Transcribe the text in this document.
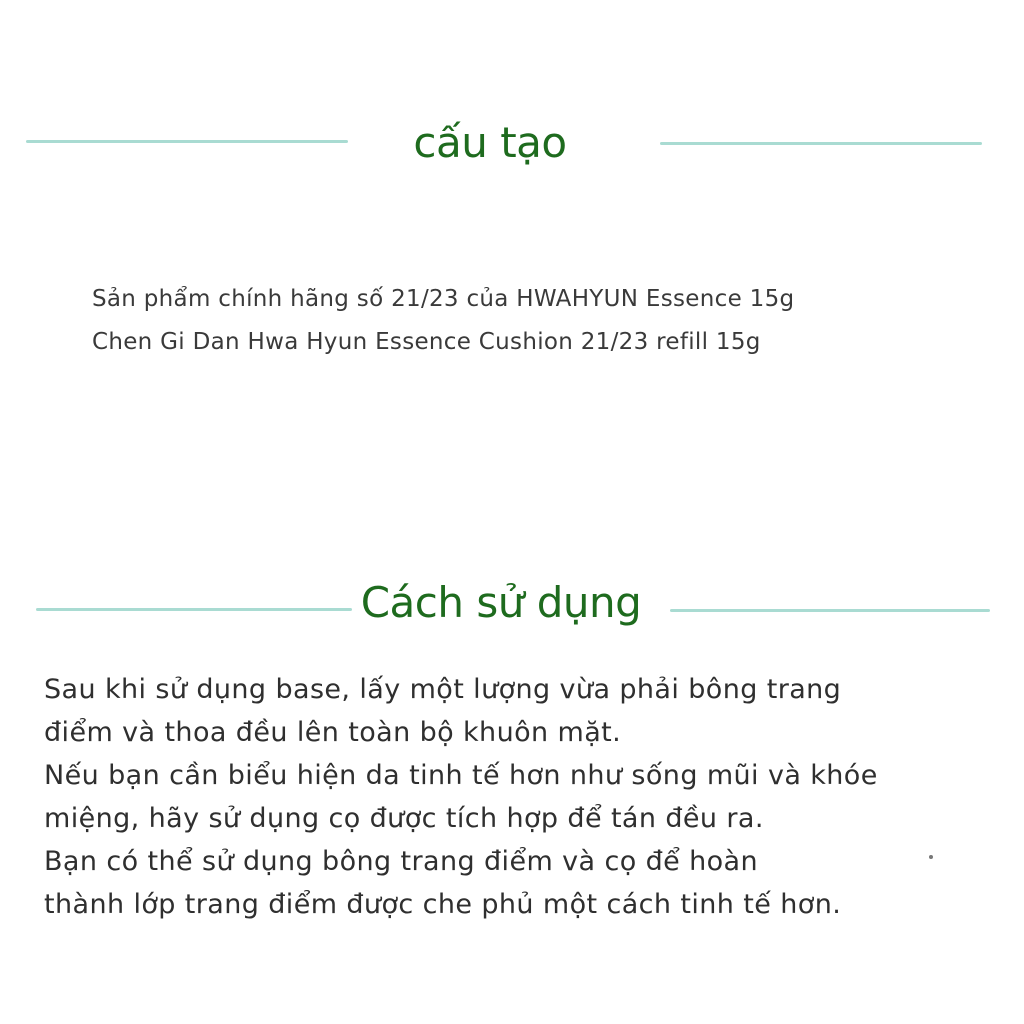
cấu tạo
Sản phẩm chính hãng số 21/23 của HWAHYUN Essence 15g
Chen Gi Dan Hwa Hyun Essence Cushion 21/23 refill 15g
Cách sử dụng
Sau khi sử dụng base, lấy một lượng vừa phải bông trang
điểm và thoa đều lên toàn bộ khuôn mặt.
Nếu bạn cần biểu hiện da tinh tế hơn như sống mũi và khóe
miệng, hãy sử dụng cọ được tích hợp để tán đều ra.
Bạn có thể sử dụng bông trang điểm và cọ để hoàn
thành lớp trang điểm được che phủ một cách tinh tế hơn.
